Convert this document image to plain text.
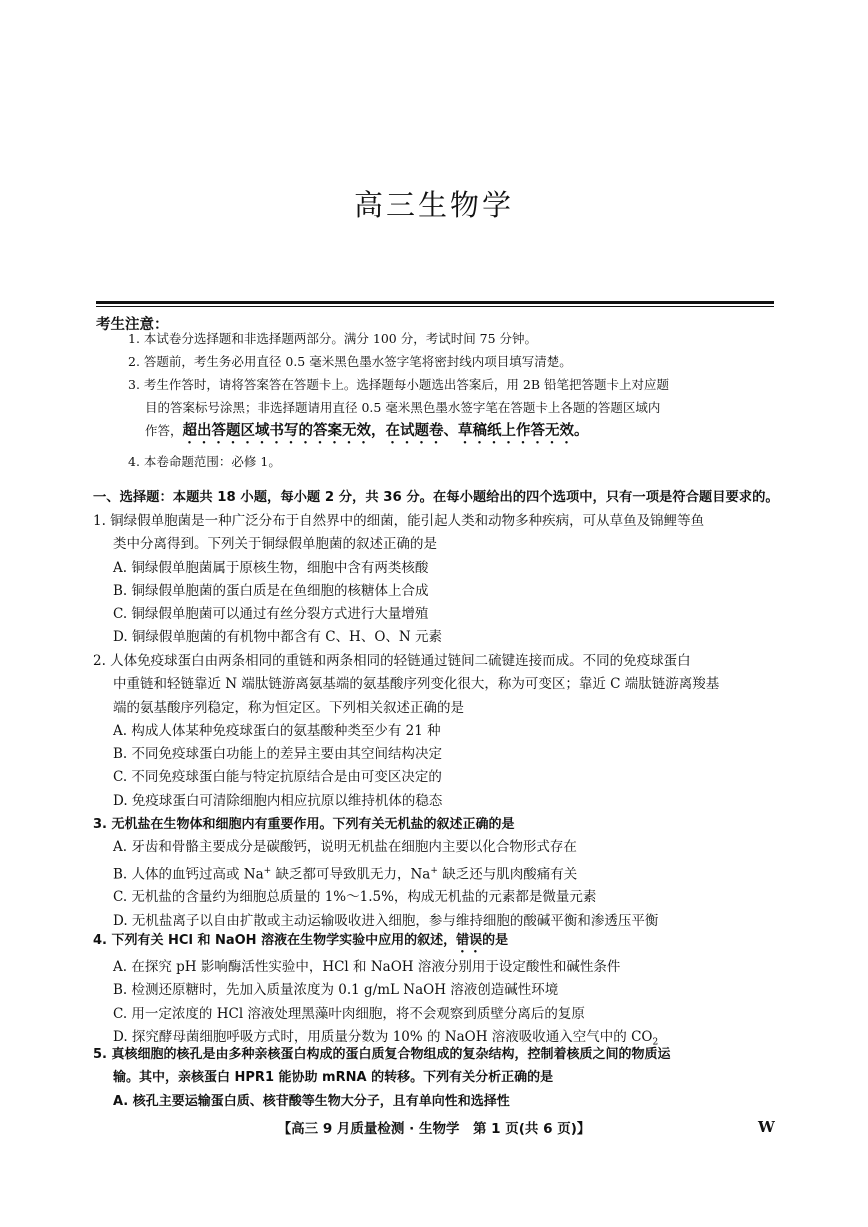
高三生物学
考生注意：
1. 本试卷分选择题和非选择题两部分。满分 100 分，考试时间 75 分钟。
2. 答题前，考生务必用直径 0.5 毫米黑色墨水签字笔将密封线内项目填写清楚。
3. 考生作答时，请将答案答在答题卡上。选择题每小题选出答案后，用 2B 铅笔把答题卡上对应题
目的答案标号涂黑；非选择题请用直径 0.5 毫米黑色墨水签字笔在答题卡上各题的答题区域内
作答，超出答题区域书写的答案无效，在试题卷、草稿纸上作答无效。
4. 本卷命题范围：必修 1。
一、选择题：本题共 18 小题，每小题 2 分，共 36 分。在每小题给出的四个选项中，只有一项是符合题目要求的。
1. 铜绿假单胞菌是一种广泛分布于自然界中的细菌，能引起人类和动物多种疾病，可从草鱼及锦鲤等鱼
类中分离得到。下列关于铜绿假单胞菌的叙述正确的是
A. 铜绿假单胞菌属于原核生物，细胞中含有两类核酸
B. 铜绿假单胞菌的蛋白质是在鱼细胞的核糖体上合成
C. 铜绿假单胞菌可以通过有丝分裂方式进行大量增殖
D. 铜绿假单胞菌的有机物中都含有 C、H、O、N 元素
2. 人体免疫球蛋白由两条相同的重链和两条相同的轻链通过链间二硫键连接而成。不同的免疫球蛋白
中重链和轻链靠近 N 端肽链游离氨基端的氨基酸序列变化很大，称为可变区；靠近 C 端肽链游离羧基
端的氨基酸序列稳定，称为恒定区。下列相关叙述正确的是
A. 构成人体某种免疫球蛋白的氨基酸种类至少有 21 种
B. 不同免疫球蛋白功能上的差异主要由其空间结构决定
C. 不同免疫球蛋白能与特定抗原结合是由可变区决定的
D. 免疫球蛋白可清除细胞内相应抗原以维持机体的稳态
3. 无机盐在生物体和细胞内有重要作用。下列有关无机盐的叙述正确的是
A. 牙齿和骨骼主要成分是碳酸钙，说明无机盐在细胞内主要以化合物形式存在
B. 人体的血钙过高或 Na+ 缺乏都可导致肌无力，Na+ 缺乏还与肌肉酸痛有关
C. 无机盐的含量约为细胞总质量的 1%～1.5%，构成无机盐的元素都是微量元素
D. 无机盐离子以自由扩散或主动运输吸收进入细胞，参与维持细胞的酸碱平衡和渗透压平衡
4. 下列有关 HCl 和 NaOH 溶液在生物学实验中应用的叙述，错误的是
A. 在探究 pH 影响酶活性实验中，HCl 和 NaOH 溶液分别用于设定酸性和碱性条件
B. 检测还原糖时，先加入质量浓度为 0.1 g/mL NaOH 溶液创造碱性环境
C. 用一定浓度的 HCl 溶液处理黑藻叶肉细胞，将不会观察到质壁分离后的复原
D. 探究酵母菌细胞呼吸方式时，用质量分数为 10% 的 NaOH 溶液吸收通入空气中的 $CO_2$
5. 真核细胞的核孔是由多种亲核蛋白构成的蛋白质复合物组成的复杂结构，控制着核质之间的物质运
输。其中，亲核蛋白 HPR1 能协助 mRNA 的转移。下列有关分析正确的是
A. 核孔主要运输蛋白质、核苷酸等生物大分子，且有单向性和选择性
【高三 9 月质量检测 · 生物学　第 1 页(共 6 页)】	W
